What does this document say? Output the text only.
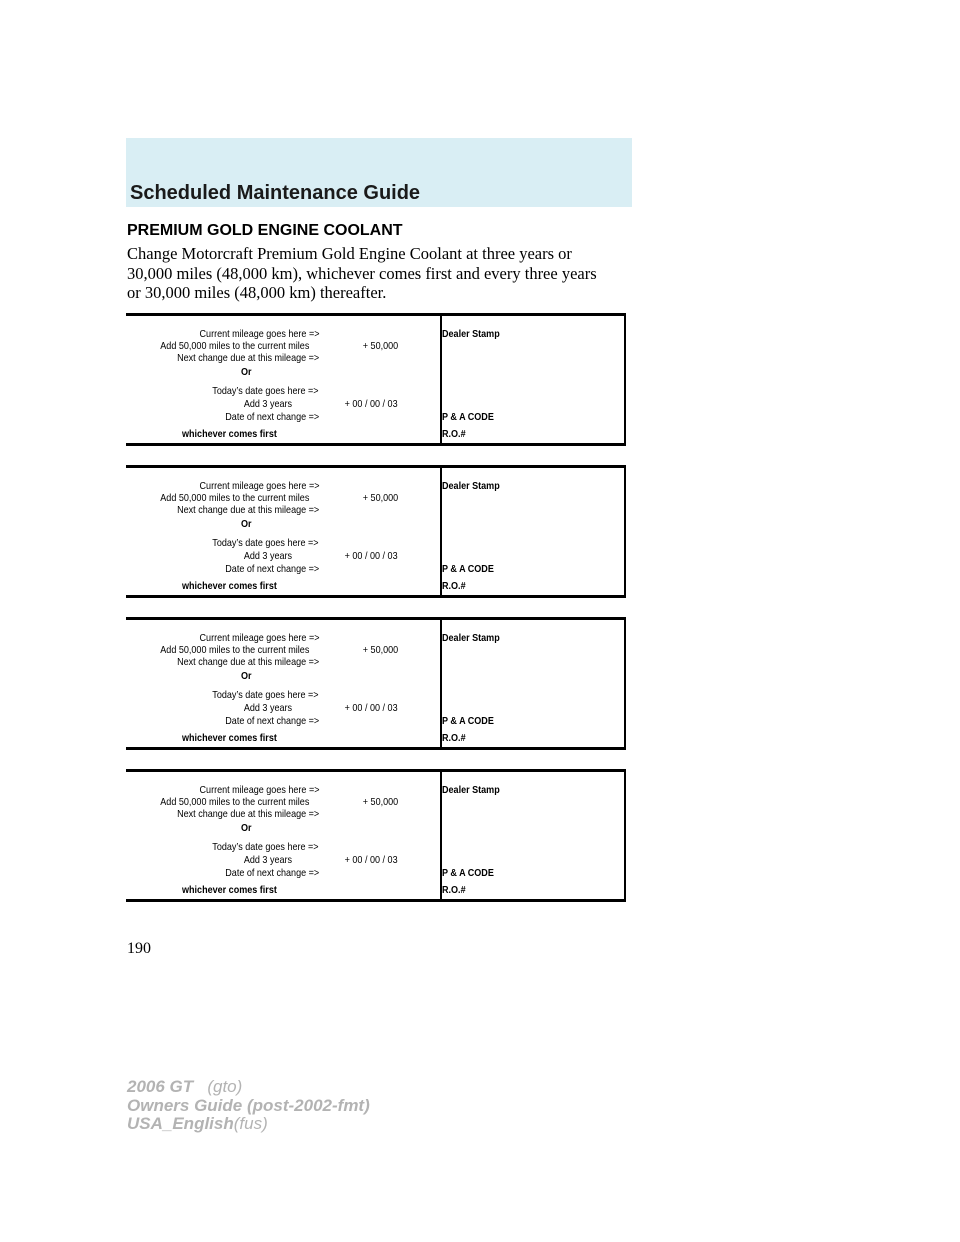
Scheduled Maintenance Guide
PREMIUM GOLD ENGINE COOLANT
Change Motorcraft Premium Gold Engine Coolant at three years or
30,000 miles (48,000 km), whichever comes first and every three years
or 30,000 miles (48,000 km) thereafter.
Current mileage goes here =>
Add 50,000 miles to the current miles	+ 50,000
Next change due at this mileage =>
Or
Today’s date goes here =>
Add 3 years	+ 00 / 00 / 03
Date of next change =>
whichever comes first
Dealer Stamp
P & A CODE
R.O.#
Current mileage goes here =>
Add 50,000 miles to the current miles	+ 50,000
Next change due at this mileage =>
Or
Today’s date goes here =>
Add 3 years	+ 00 / 00 / 03
Date of next change =>
whichever comes first
Dealer Stamp
P & A CODE
R.O.#
Current mileage goes here =>
Add 50,000 miles to the current miles	+ 50,000
Next change due at this mileage =>
Or
Today’s date goes here =>
Add 3 years	+ 00 / 00 / 03
Date of next change =>
whichever comes first
Dealer Stamp
P & A CODE
R.O.#
Current mileage goes here =>
Add 50,000 miles to the current miles	+ 50,000
Next change due at this mileage =>
Or
Today’s date goes here =>
Add 3 years	+ 00 / 00 / 03
Date of next change =>
whichever comes first
Dealer Stamp
P & A CODE
R.O.#
190
2006 GT (gto)
Owners Guide (post-2002-fmt)
USA_English(fus)
